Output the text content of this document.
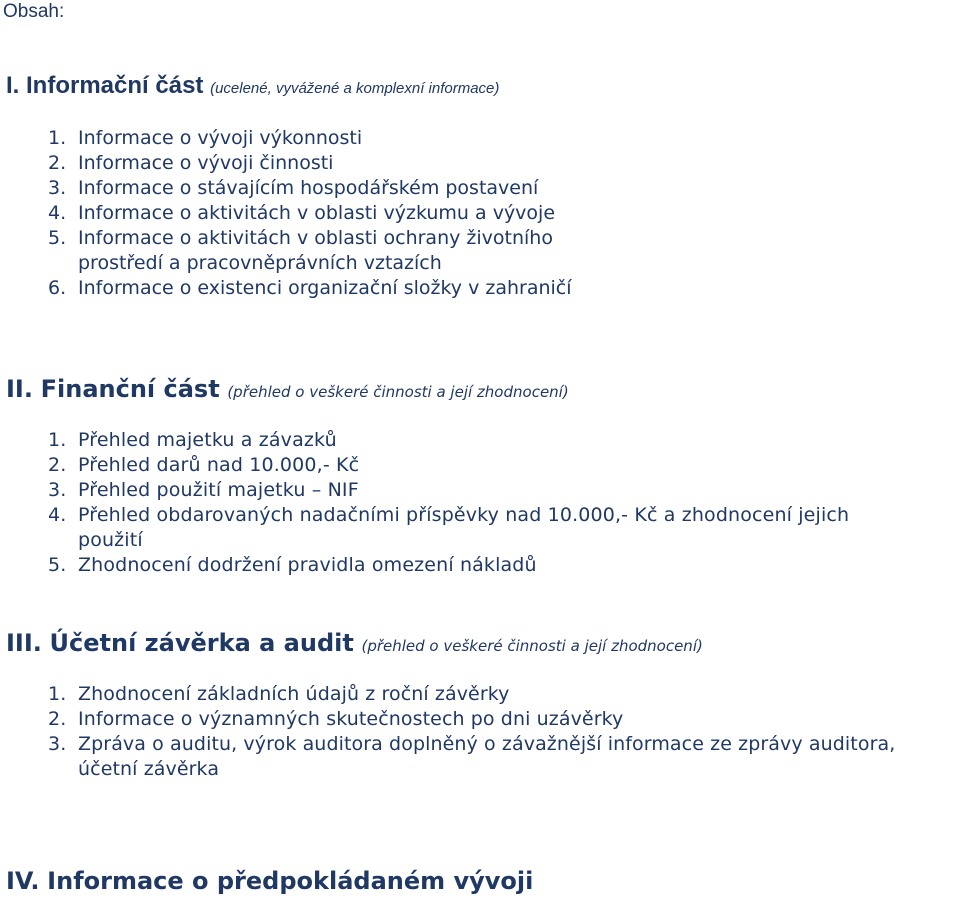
Obsah:
I. Informační část (ucelené, vyvážené a komplexní informace)
1. Informace o vývoji výkonnosti
2. Informace o vývoji činnosti
3. Informace o stávajícím hospodářském postavení
4. Informace o aktivitách v oblasti výzkumu a vývoje
5. Informace o aktivitách v oblasti ochrany životního
prostředí a pracovněprávních vztazích
6. Informace o existenci organizační složky v zahraničí
II. Finanční část (přehled o veškeré činnosti a její zhodnocení)
1. Přehled majetku a závazků
2. Přehled darů nad 10.000,- Kč
3. Přehled použití majetku – NIF
4. Přehled obdarovaných nadačními příspěvky nad 10.000,- Kč a zhodnocení jejich
použití
5. Zhodnocení dodržení pravidla omezení nákladů
III. Účetní závěrka a audit (přehled o veškeré činnosti a její zhodnocení)
1. Zhodnocení základních údajů z roční závěrky
2. Informace o významných skutečnostech po dni uzávěrky
3. Zpráva o auditu, výrok auditora doplněný o závažnější informace ze zprávy auditora,
účetní závěrka
IV. Informace o předpokládaném vývoji
